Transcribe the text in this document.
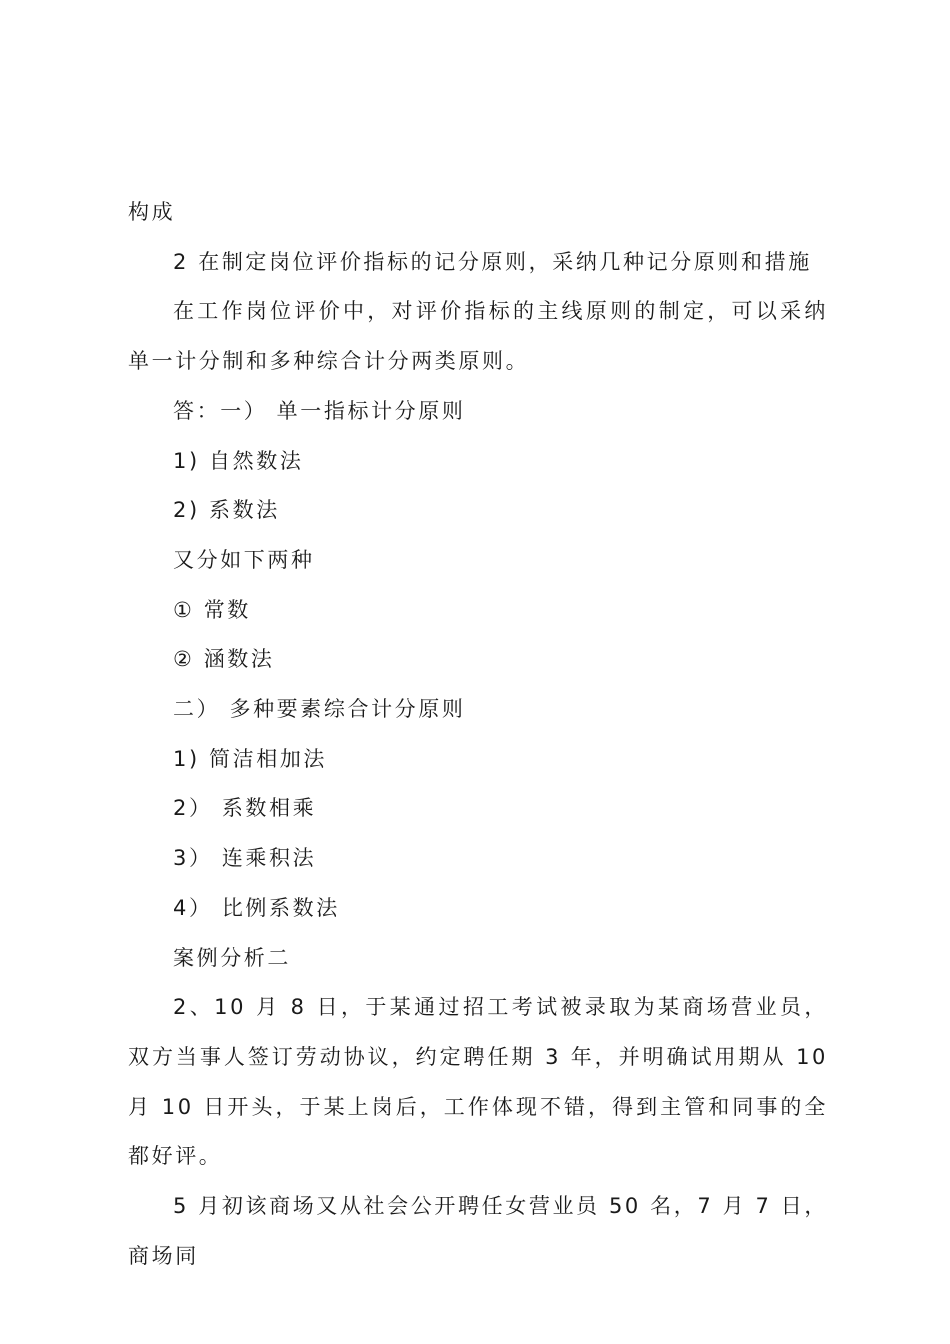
构成

2 在制定岗位评价指标的记分原则，采纳几种记分原则和措施

在工作岗位评价中，对评价指标的主线原则的制定，可以采纳单一计分制和多种综合计分两类原则。

答：一） 单一指标计分原则

1) 自然数法

2) 系数法

又分如下两种

① 常数

② 涵数法

二） 多种要素综合计分原则

1) 简洁相加法

2） 系数相乘

3） 连乘积法

4） 比例系数法

案例分析二

2、10 月 8 日，于某通过招工考试被录取为某商场营业员，双方当事人签订劳动协议，约定聘任期 3 年，并明确试用期从 10 月 10 日开头，于某上岗后，工作体现不错，得到主管和同事的全都好评。

5 月初该商场又从社会公开聘任女营业员 50 名，7 月 7 日，商场同
